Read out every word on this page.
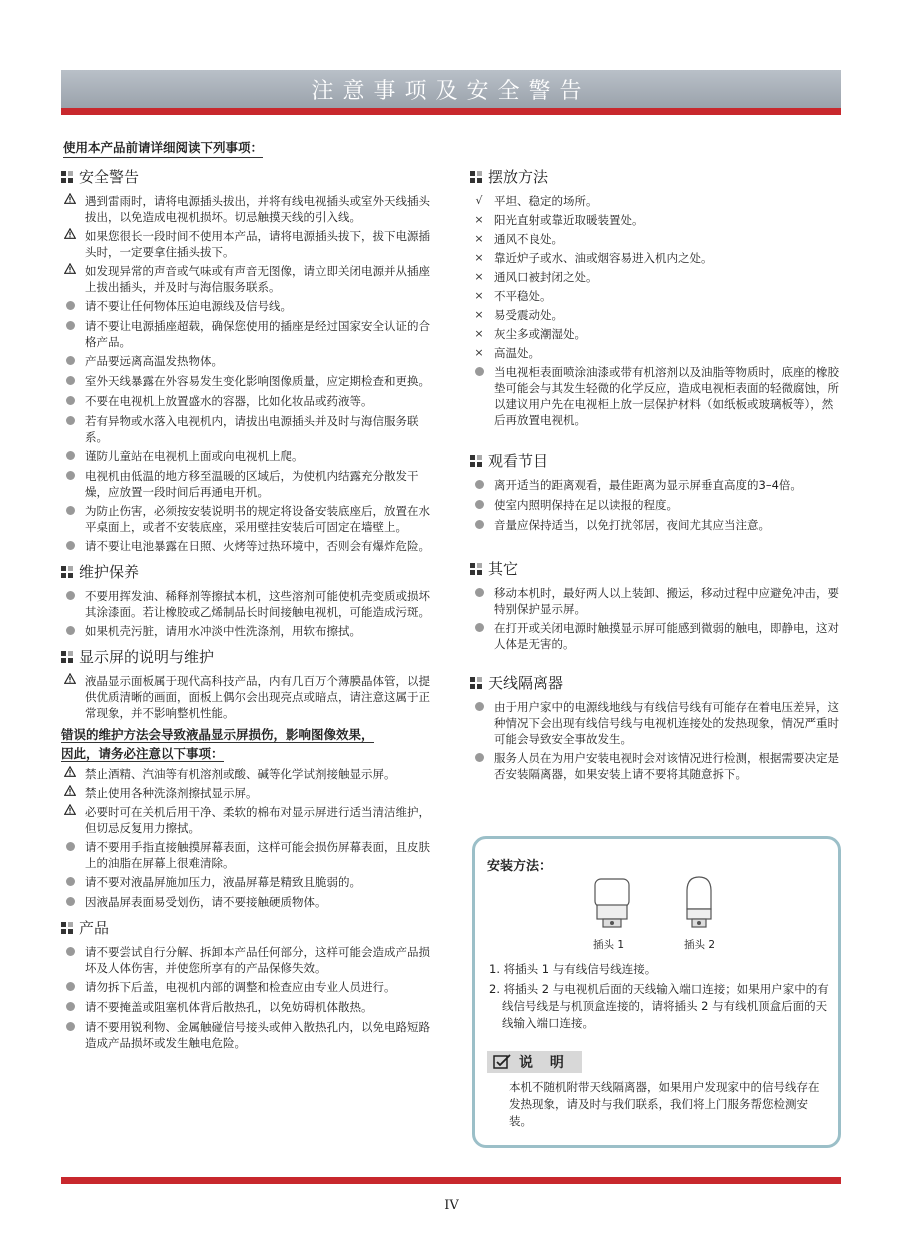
注意事项及安全警告
使用本产品前请详细阅读下列事项：
安全警告
遇到雷雨时，请将电源插头拔出，并将有线电视插头或室外天线插头拔出，以免造成电视机损坏。切忌触摸天线的引入线。
如果您很长一段时间不使用本产品，请将电源插头拔下，拔下电源插头时，一定要拿住插头拔下。
如发现异常的声音或气味或有声音无图像，请立即关闭电源并从插座上拔出插头，并及时与海信服务联系。
请不要让任何物体压迫电源线及信号线。
请不要让电源插座超载，确保您使用的插座是经过国家安全认证的合格产品。
产品要远离高温发热物体。
室外天线暴露在外容易发生变化影响图像质量，应定期检查和更换。
不要在电视机上放置盛水的容器，比如化妆品或药液等。
若有异物或水落入电视机内，请拔出电源插头并及时与海信服务联系。
谨防儿童站在电视机上面或向电视机上爬。
电视机由低温的地方移至温暖的区域后，为使机内结露充分散发干燥，应放置一段时间后再通电开机。
为防止伤害，必须按安装说明书的规定将设备安装底座后，放置在水平桌面上，或者不安装底座，采用壁挂安装后可固定在墙壁上。
请不要让电池暴露在日照、火烤等过热环境中，否则会有爆炸危险。
维护保养
不要用挥发油、稀释剂等擦拭本机，这些溶剂可能使机壳变质或损坏其涂漆面。若让橡胶或乙烯制品长时间接触电视机，可能造成污斑。
如果机壳污脏，请用水冲淡中性洗涤剂，用软布擦拭。
显示屏的说明与维护
液晶显示面板属于现代高科技产品，内有几百万个薄膜晶体管，以提供优质清晰的画面，面板上偶尔会出现亮点或暗点，请注意这属于正常现象，并不影响整机性能。
错误的维护方法会导致液晶显示屏损伤，影响图像效果，
因此，请务必注意以下事项：
禁止酒精、汽油等有机溶剂或酸、碱等化学试剂接触显示屏。
禁止使用各种洗涤剂擦拭显示屏。
必要时可在关机后用干净、柔软的棉布对显示屏进行适当清洁维护，但切忌反复用力擦拭。
请不要用手指直接触摸屏幕表面，这样可能会损伤屏幕表面，且皮肤上的油脂在屏幕上很难清除。
请不要对液晶屏施加压力，液晶屏幕是精致且脆弱的。
因液晶屏表面易受划伤，请不要接触硬质物体。
产品
请不要尝试自行分解、拆卸本产品任何部分，这样可能会造成产品损坏及人体伤害，并使您所享有的产品保修失效。
请勿拆下后盖，电视机内部的调整和检查应由专业人员进行。
请不要掩盖或阻塞机体背后散热孔，以免妨碍机体散热。
请不要用锐利物、金属触碰信号接头或伸入散热孔内，以免电路短路造成产品损坏或发生触电危险。
摆放方法
√	平坦、稳定的场所。
× 阳光直射或靠近取暖装置处。
× 通风不良处。
× 靠近炉子或水、油或烟容易进入机内之处。
× 通风口被封闭之处。
× 不平稳处。
× 易受震动处。
× 灰尘多或潮湿处。
× 高温处。
当电视柜表面喷涂油漆或带有机溶剂以及油脂等物质时，底座的橡胶垫可能会与其发生轻微的化学反应，造成电视柜表面的轻微腐蚀，所以建议用户先在电视柜上放一层保护材料（如纸板或玻璃板等），然后再放置电视机。
观看节目
离开适当的距离观看，最佳距离为显示屏垂直高度的3–4倍。
使室内照明保持在足以读报的程度。
音量应保持适当，以免打扰邻居，夜间尤其应当注意。
其它
移动本机时，最好两人以上装卸、搬运，移动过程中应避免冲击，要特别保护显示屏。
在打开或关闭电源时触摸显示屏可能感到微弱的触电，即静电，这对人体是无害的。
天线隔离器
由于用户家中的电源线地线与有线信号线有可能存在着电压差异，这种情况下会出现有线信号线与电视机连接处的发热现象，情况严重时可能会导致安全事故发生。
服务人员在为用户安装电视时会对该情况进行检测，根据需要决定是否安装隔离器，如果安装上请不要将其随意拆下。
安装方法：
插头 1	插头 2
1. 将插头 1 与有线信号线连接。
2. 将插头 2 与电视机后面的天线输入端口连接；如果用户家中的有线信号线是与机顶盒连接的，请将插头 2 与有线机顶盒后面的天线输入端口连接。
说 明
本机不随机附带天线隔离器，如果用户发现家中的信号线存在发热现象，请及时与我们联系，我们将上门服务帮您检测安装。
IV
